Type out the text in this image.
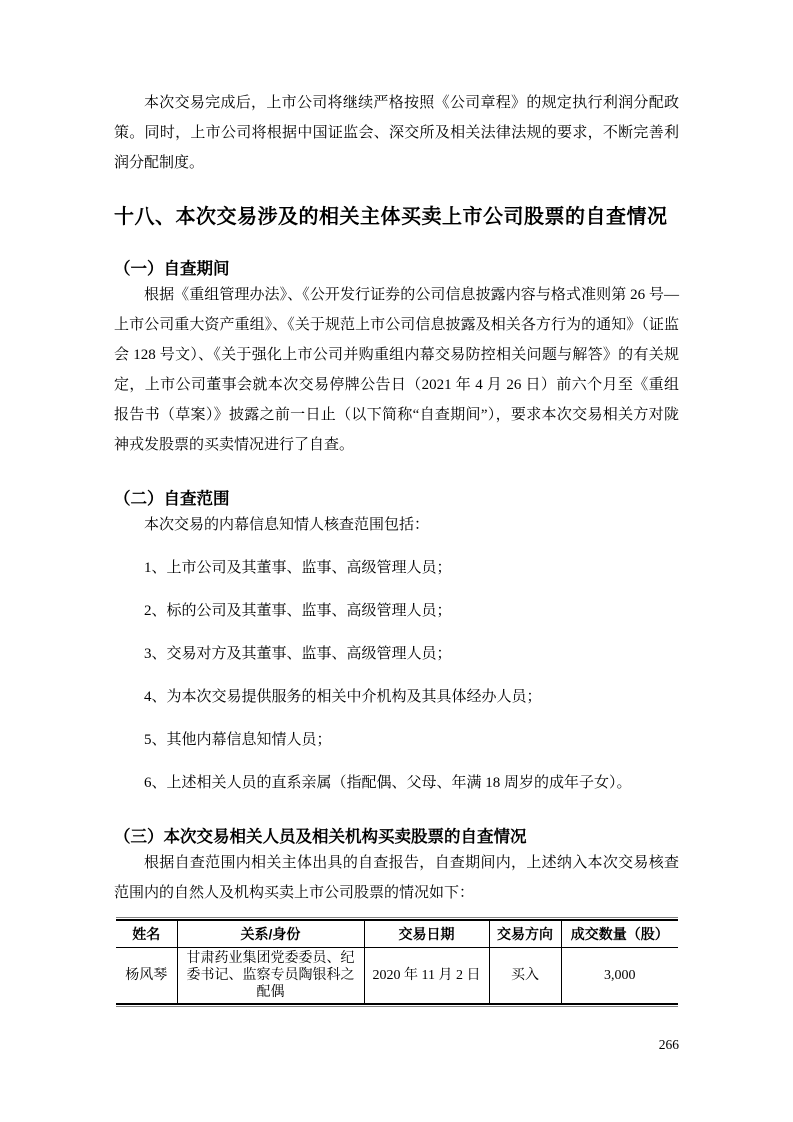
本次交易完成后，上市公司将继续严格按照《公司章程》的规定执行利润分配政策。同时，上市公司将根据中国证监会、深交所及相关法律法规的要求，不断完善利润分配制度。

十八、本次交易涉及的相关主体买卖上市公司股票的自查情况
（一）自查期间

根据《重组管理办法》、《公开发行证券的公司信息披露内容与格式准则第 26 号—上市公司重大资产重组》、《关于规范上市公司信息披露及相关各方行为的通知》（证监会 128 号文）、《关于强化上市公司并购重组内幕交易防控相关问题与解答》的有关规定，上市公司董事会就本次交易停牌公告日（2021 年 4 月 26 日）前六个月至《重组报告书（草案）》披露之前一日止（以下简称“自查期间”），要求本次交易相关方对陇神戎发股票的买卖情况进行了自查。

（二）自查范围

本次交易的内幕信息知情人核查范围包括：

1、上市公司及其董事、监事、高级管理人员；

2、标的公司及其董事、监事、高级管理人员；

3、交易对方及其董事、监事、高级管理人员；

4、为本次交易提供服务的相关中介机构及其具体经办人员；

5、其他内幕信息知情人员；

6、上述相关人员的直系亲属（指配偶、父母、年满 18 周岁的成年子女）。

（三）本次交易相关人员及相关机构买卖股票的自查情况

根据自查范围内相关主体出具的自查报告，自查期间内，上述纳入本次交易核查范围内的自然人及机构买卖上市公司股票的情况如下：

姓名	关系/身份	交易日期	交易方向	成交数量（股）
杨风琴	甘肃药业集团党委委员、纪委书记、监察专员陶银科之配偶	2020 年 11 月 2 日	买入	3,000
266
